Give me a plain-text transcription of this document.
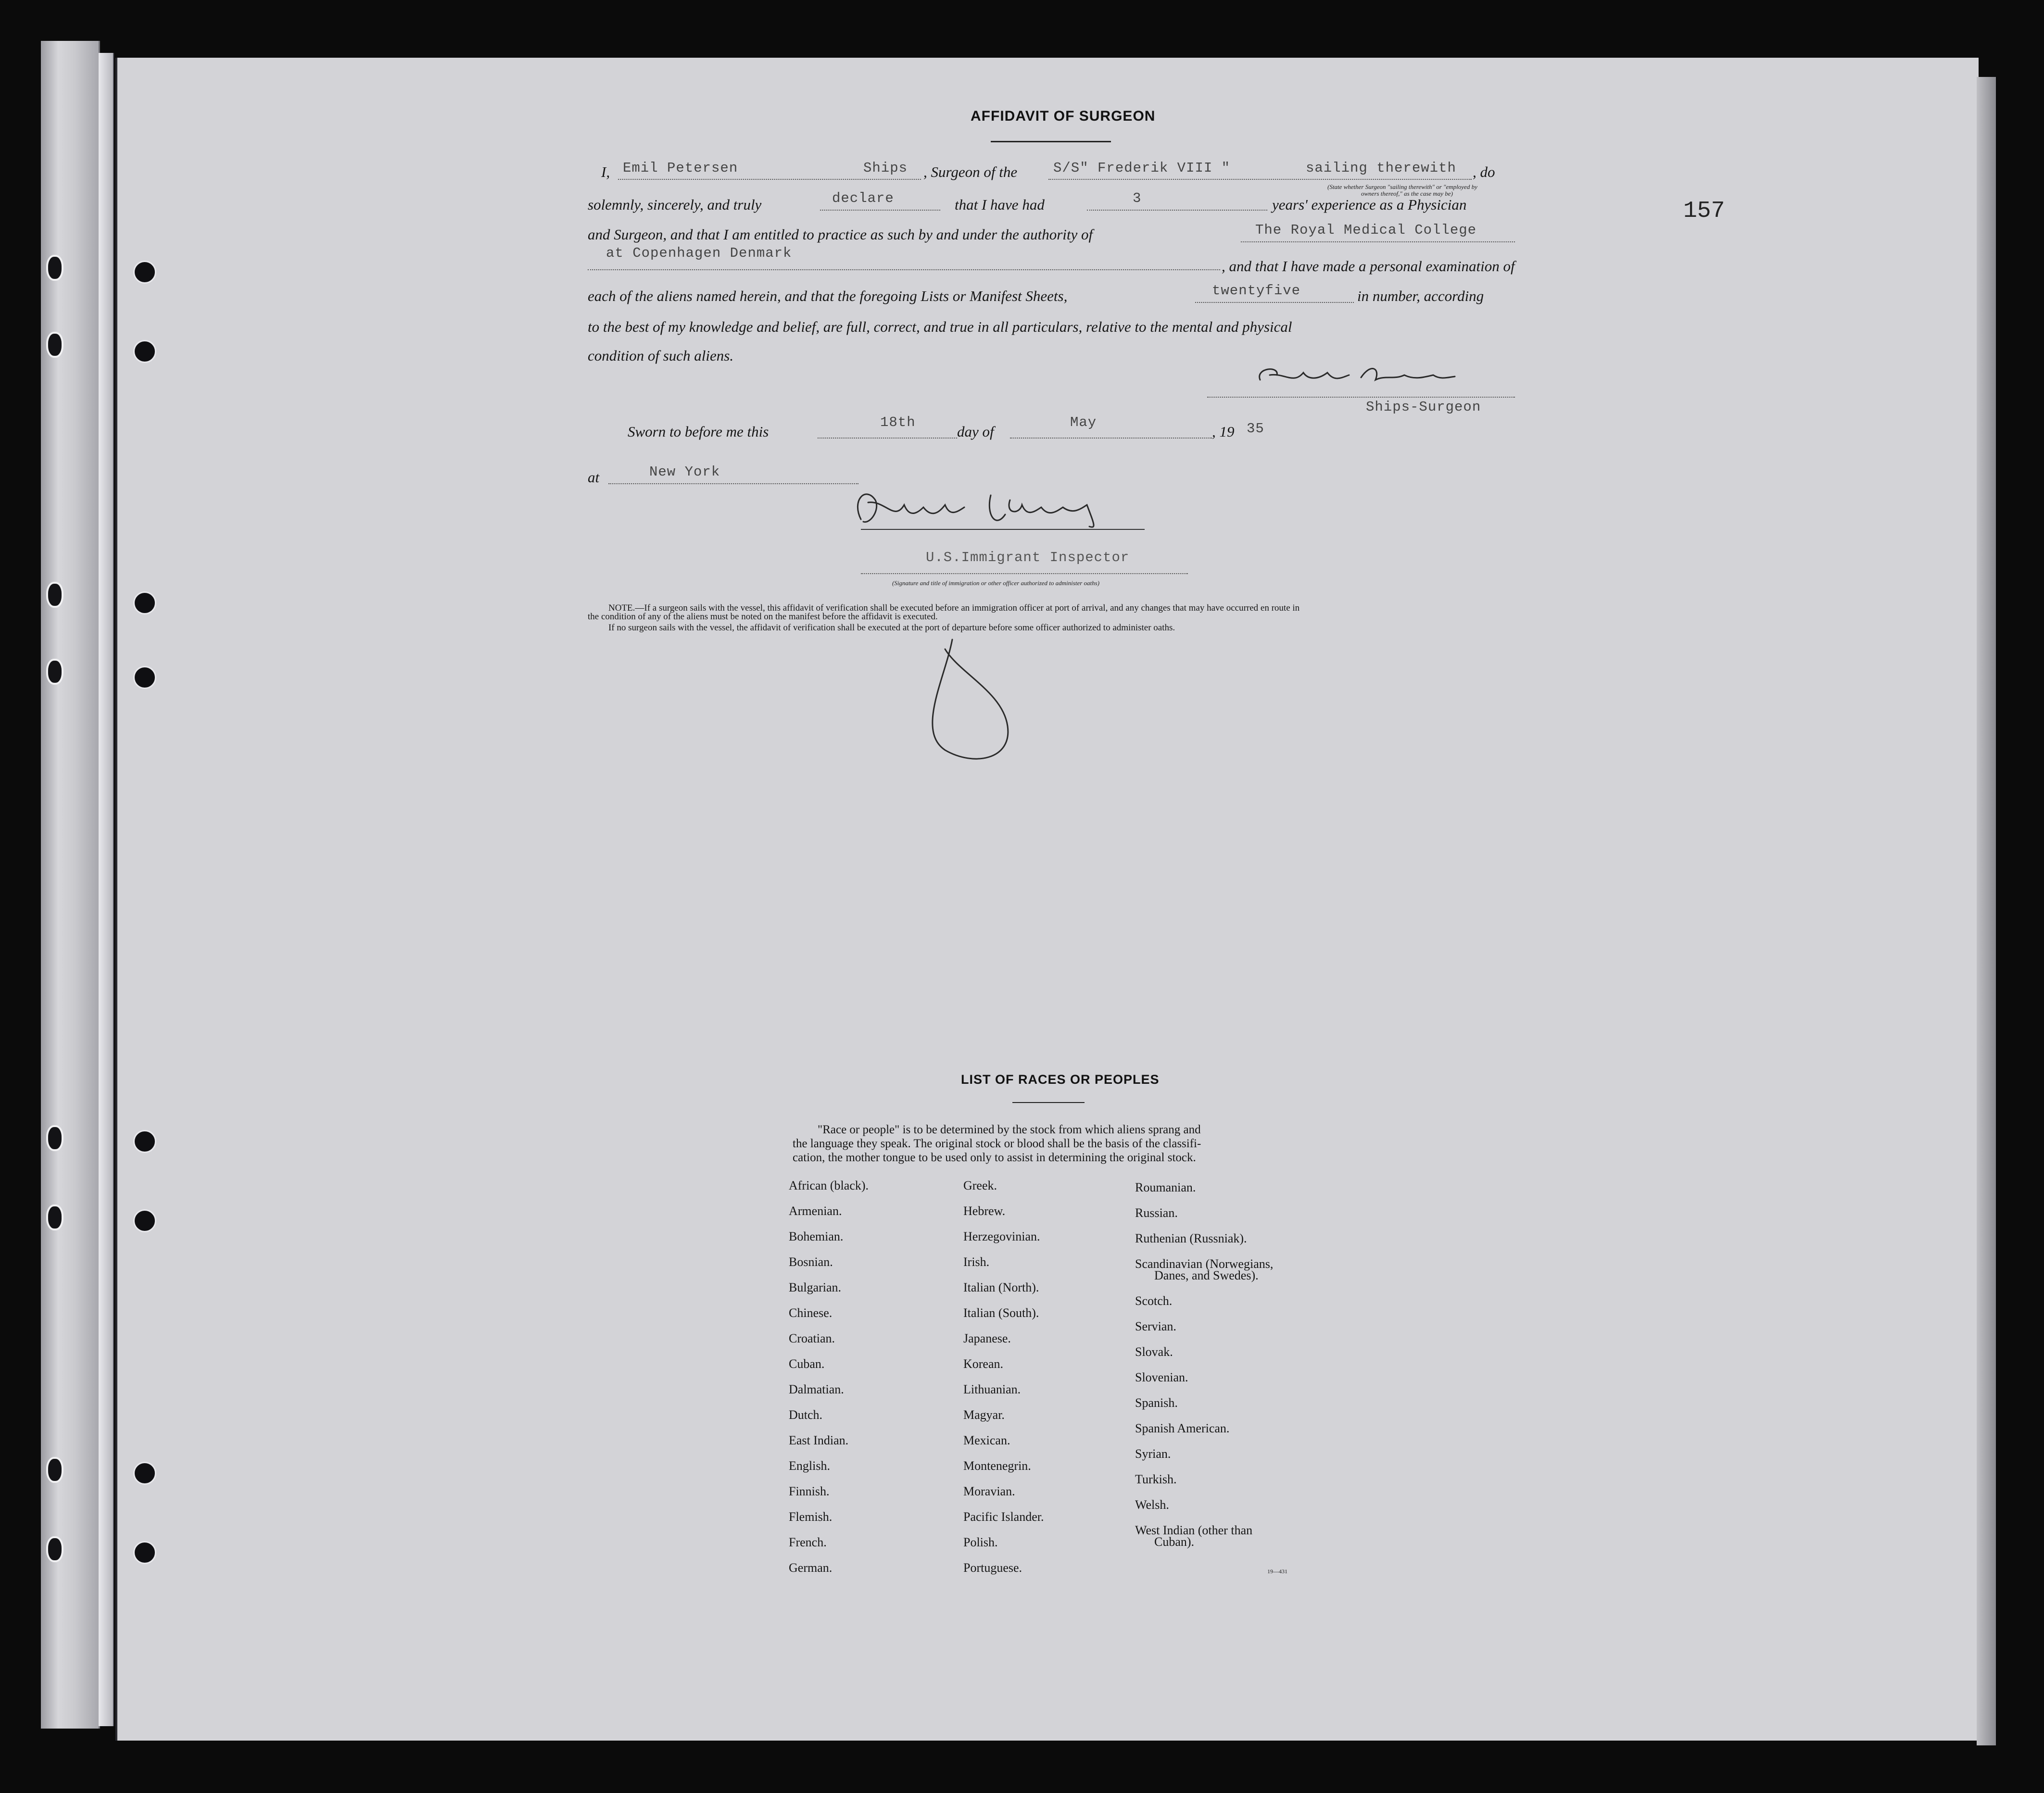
157
AFFIDAVIT OF SURGEON
I, Emil Petersen	Ships , Surgeon of the	S/S" Frederik VIII "	sailing therewith , do
(State whether Surgeon "sailing therewith" or "employed by
owners thereof," as the case may be)
solemnly, sincerely, and truly	declare	that I have had	3	years' experience as a Physician
and Surgeon, and that I am entitled to practice as such by and under the authority of	The Royal Medical College
at Copenhagen Denmark
, and that I have made a personal examination of
each of the aliens named herein, and that the foregoing Lists or Manifest Sheets,	twentyfive	in number, according
to the best of my knowledge and belief, are full, correct, and true in all particulars, relative to the mental and physical
condition of such aliens.
Ships-Surgeon
Sworn to before me this
18th
day of
May
, 19 35
at	New York
U.S.Immigrant Inspector
(Signature and title of immigration or other officer authorized to administer oaths)
NOTE.—If a surgeon sails with the vessel, this affidavit of verification shall be executed before an immigration officer at port of arrival, and any changes that may have occurred en route in
the condition of any of the aliens must be noted on the manifest before the affidavit is executed.
If no surgeon sails with the vessel, the affidavit of verification shall be executed at the port of departure before some officer authorized to administer oaths.
LIST OF RACES OR PEOPLES
"Race or people" is to be determined by the stock from which aliens sprang and
the language they speak. The original stock or blood shall be the basis of the classifi-
cation, the mother tongue to be used only to assist in determining the original stock.
African (black).
Armenian.
Bohemian.
Bosnian.
Bulgarian.
Chinese.
Croatian.
Cuban.
Dalmatian.
Dutch.
East Indian.
English.
Finnish.
Flemish.
French.
German.
Greek.
Hebrew.
Herzegovinian.
Irish.
Italian (North).
Italian (South).
Japanese.
Korean.
Lithuanian.
Magyar.
Mexican.
Montenegrin.
Moravian.
Pacific Islander.
Polish.
Portuguese.
Roumanian.
Russian.
Ruthenian (Russniak).
Scandinavian (Norwegians,
Danes, and Swedes).
Scotch.
Servian.
Slovak.
Slovenian.
Spanish.
Spanish American.
Syrian.
Turkish.
Welsh.
West Indian (other than
Cuban).
19—431
